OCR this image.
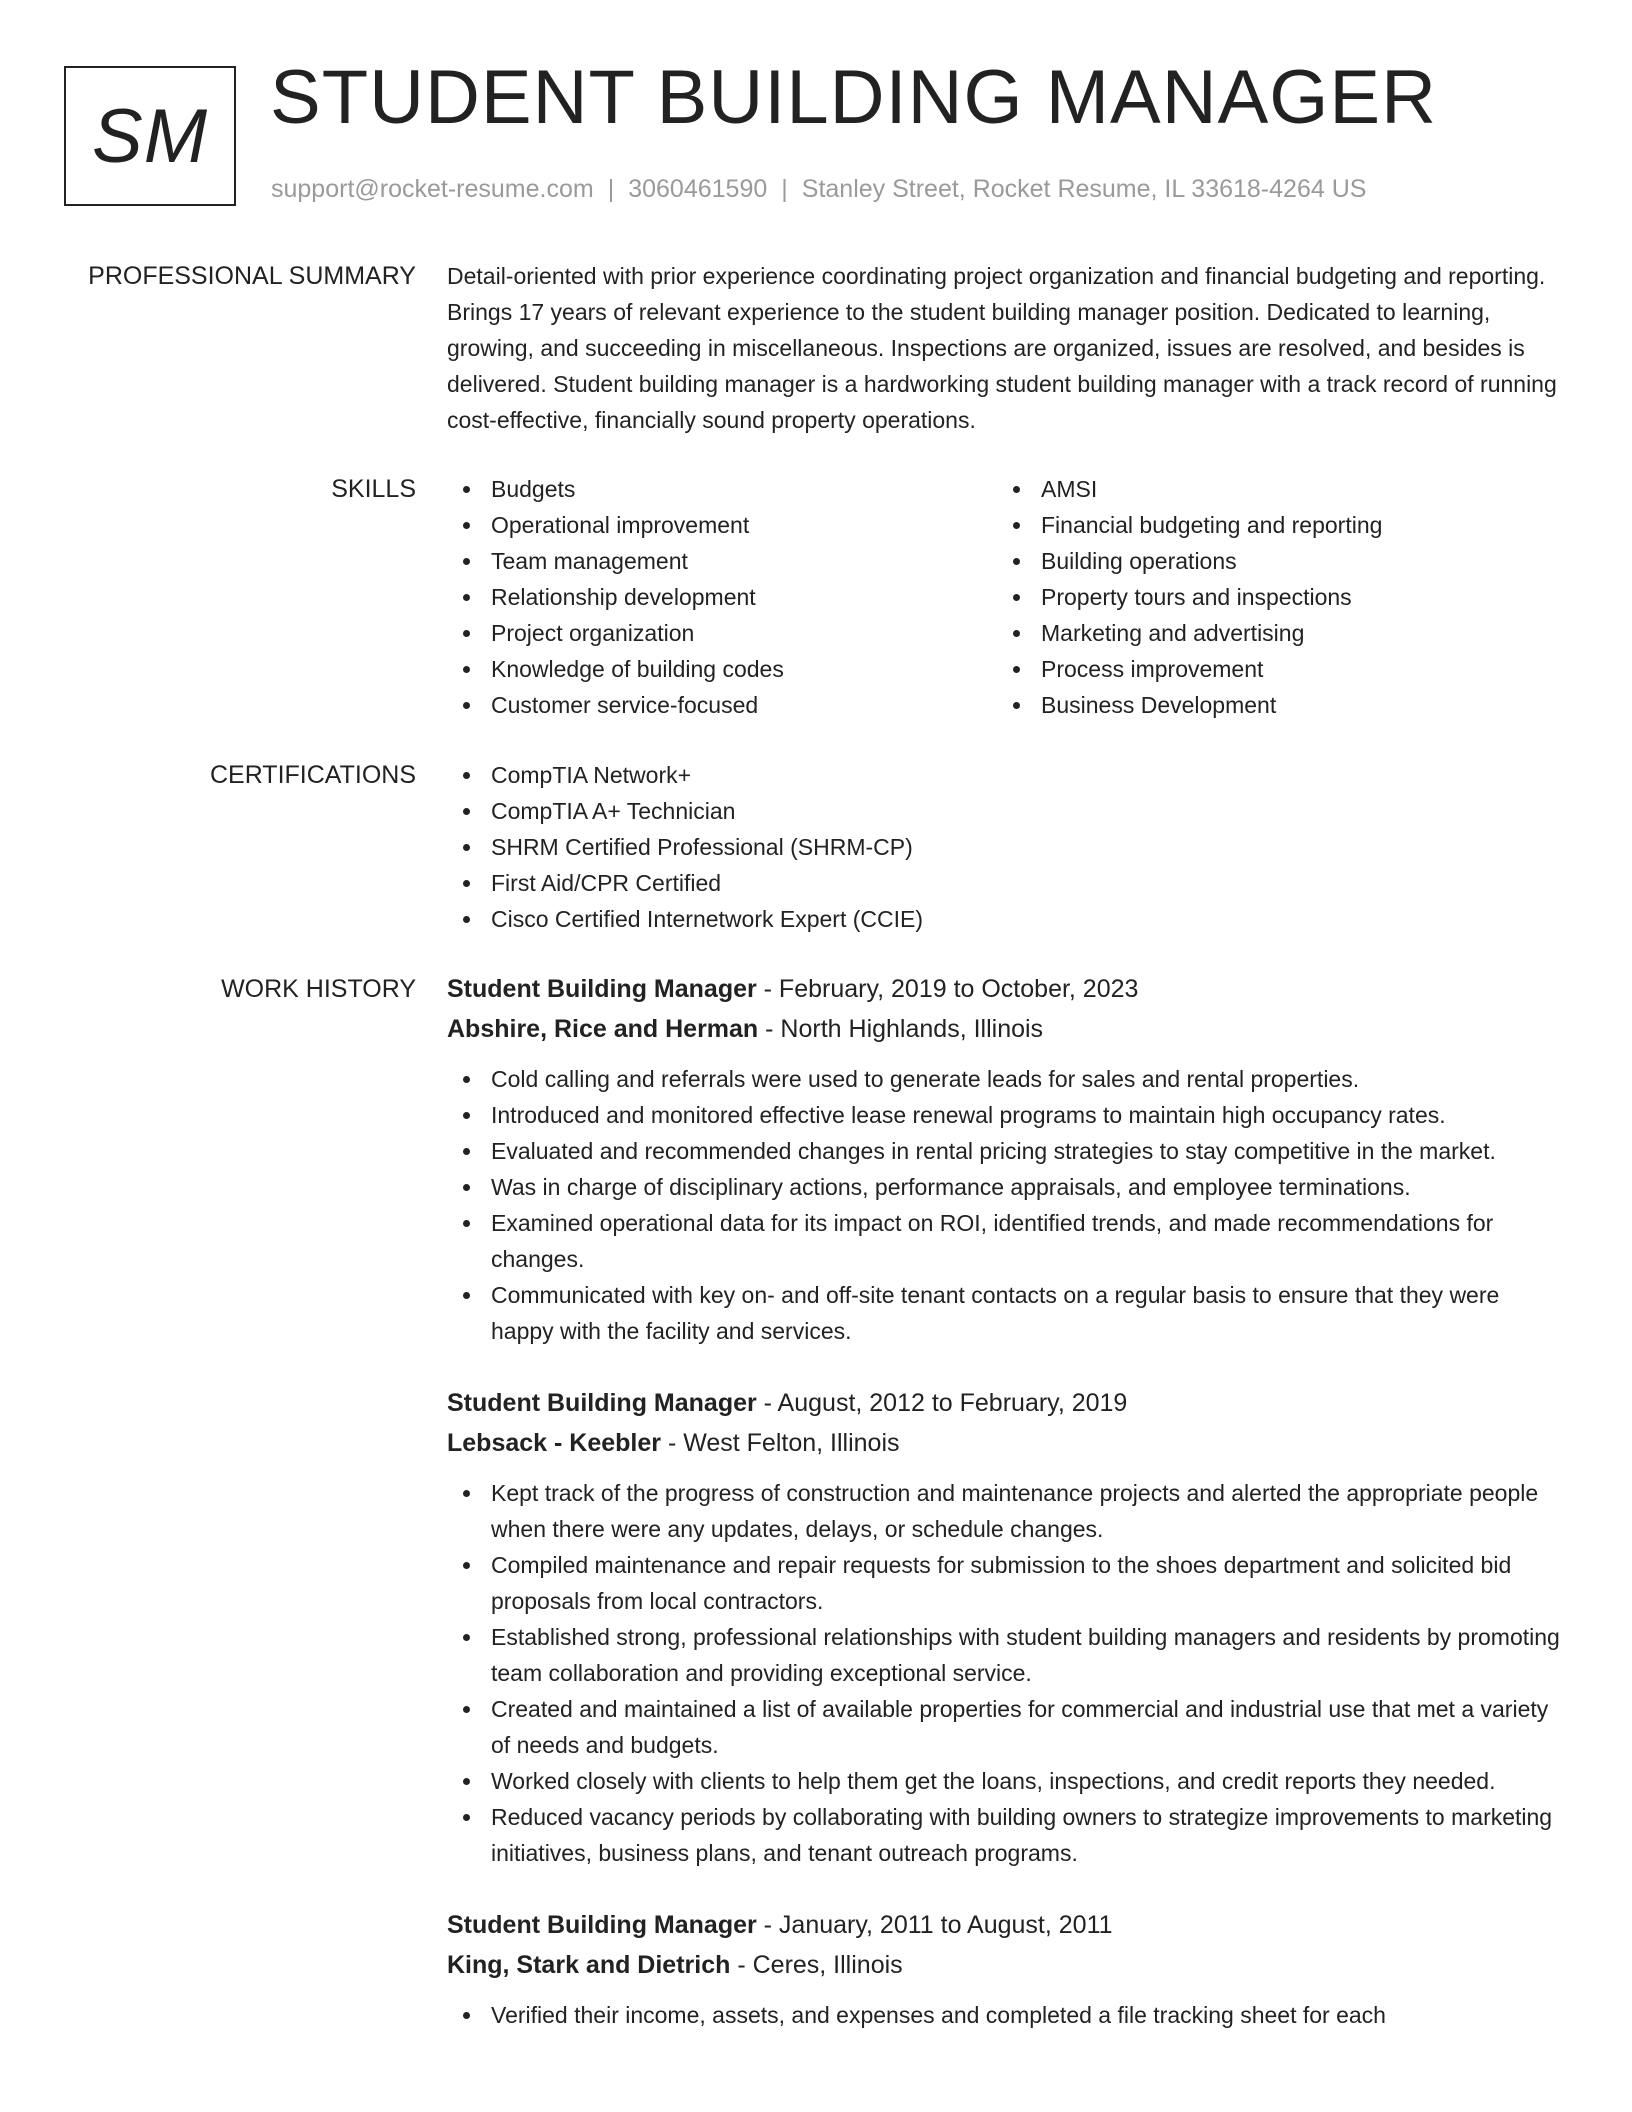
SM STUDENT BUILDING MANAGER
support@rocket-resume.com | 3060461590 | Stanley Street, Rocket Resume, IL 33618-4264 US
PROFESSIONAL SUMMARY Detail-oriented with prior experience coordinating project organization and financial budgeting and reporting. Brings 17 years of relevant experience to the student building manager position. Dedicated to learning, growing, and succeeding in miscellaneous. Inspections are organized, issues are resolved, and besides is delivered. Student building manager is a hardworking student building manager with a track record of running cost-effective, financially sound property operations.

SKILLS	Budgets
Operational improvement
Team management
Relationship development
Project organization
Knowledge of building codes
Customer service-focused
AMSI
Financial budgeting and reporting
Building operations
Property tours and inspections
Marketing and advertising
Process improvement
Business Development
CERTIFICATIONS	CompTIA Network+
CompTIA A+ Technician
SHRM Certified Professional (SHRM-CP)
First Aid/CPR Certified
Cisco Certified Internetwork Expert (CCIE)
WORK HISTORY Student Building Manager - February, 2019 to October, 2023
Abshire, Rice and Herman - North Highlands, Illinois
Cold calling and referrals were used to generate leads for sales and rental properties.
Introduced and monitored effective lease renewal programs to maintain high occupancy rates.
Evaluated and recommended changes in rental pricing strategies to stay competitive in the market.
Was in charge of disciplinary actions, performance appraisals, and employee terminations.
Examined operational data for its impact on ROI, identified trends, and made recommendations for changes.
Communicated with key on- and off-site tenant contacts on a regular basis to ensure that they were happy with the facility and services.
Student Building Manager - August, 2012 to February, 2019
Lebsack - Keebler - West Felton, Illinois
Kept track of the progress of construction and maintenance projects and alerted the appropriate people when there were any updates, delays, or schedule changes.
Compiled maintenance and repair requests for submission to the shoes department and solicited bid proposals from local contractors.
Established strong, professional relationships with student building managers and residents by promoting team collaboration and providing exceptional service.
Created and maintained a list of available properties for commercial and industrial use that met a variety of needs and budgets.
Worked closely with clients to help them get the loans, inspections, and credit reports they needed.
Reduced vacancy periods by collaborating with building owners to strategize improvements to marketing initiatives, business plans, and tenant outreach programs.
Student Building Manager - January, 2011 to August, 2011
King, Stark and Dietrich - Ceres, Illinois
Verified their income, assets, and expenses and completed a file tracking sheet for each
